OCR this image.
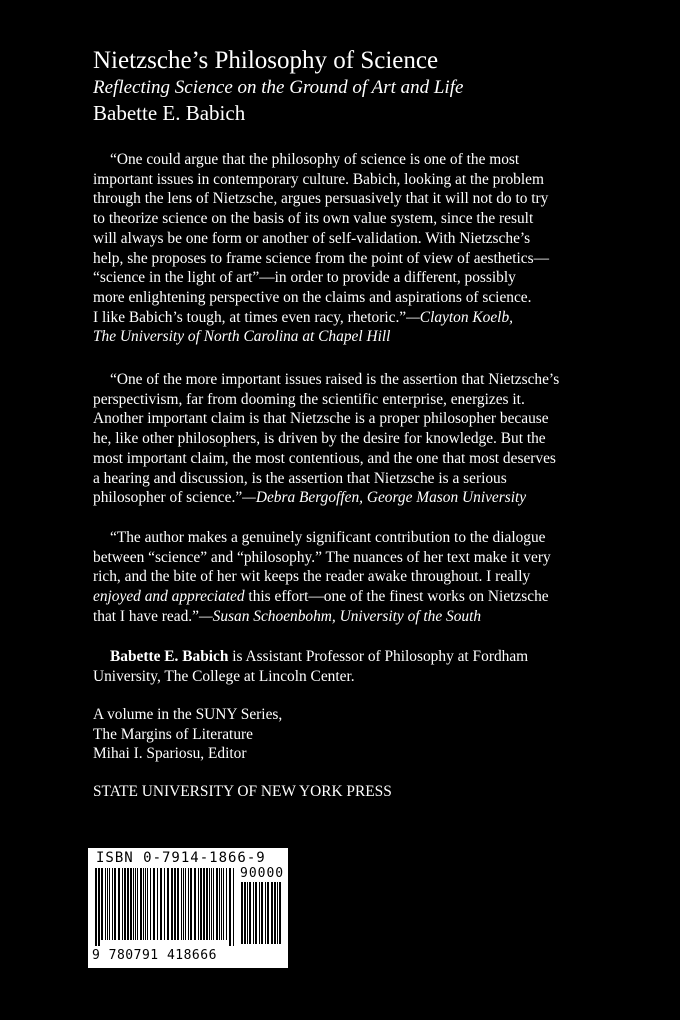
Nietzsche’s Philosophy of Science

Reflecting Science on the Ground of Art and Life

Babette E. Babich

“One could argue that the philosophy of science is one of the most
important issues in contemporary culture. Babich, looking at the problem
through the lens of Nietzsche, argues persuasively that it will not do to try
to theorize science on the basis of its own value system, since the result
will always be one form or another of self-validation. With Nietzsche’s
help, she proposes to frame science from the point of view of aesthetics—
“science in the light of art”—in order to provide a different, possibly
more enlightening perspective on the claims and aspirations of science.
I like Babich’s tough, at times even racy, rhetoric.”—Clayton Koelb,
The University of North Carolina at Chapel Hill
“One of the more important issues raised is the assertion that Nietzsche’s
perspectivism, far from dooming the scientific enterprise, energizes it.
Another important claim is that Nietzsche is a proper philosopher because
he, like other philosophers, is driven by the desire for knowledge. But the
most important claim, the most contentious, and the one that most deserves
a hearing and discussion, is the assertion that Nietzsche is a serious
philosopher of science.”—Debra Bergoffen, George Mason University
“The author makes a genuinely significant contribution to the dialogue
between “science” and “philosophy.” The nuances of her text make it very
rich, and the bite of her wit keeps the reader awake throughout. I really
enjoyed and appreciated this effort—one of the finest works on Nietzsche
that I have read.”—Susan Schoenbohm, University of the South
Babette E. Babich is Assistant Professor of Philosophy at Fordham
University, The College at Lincoln Center.
A volume in the SUNY Series,
The Margins of Literature
Mihai I. Spariosu, Editor
STATE UNIVERSITY OF NEW YORK PRESS
ISBN 0-7914-1866-9
90000
9 780791 418666
